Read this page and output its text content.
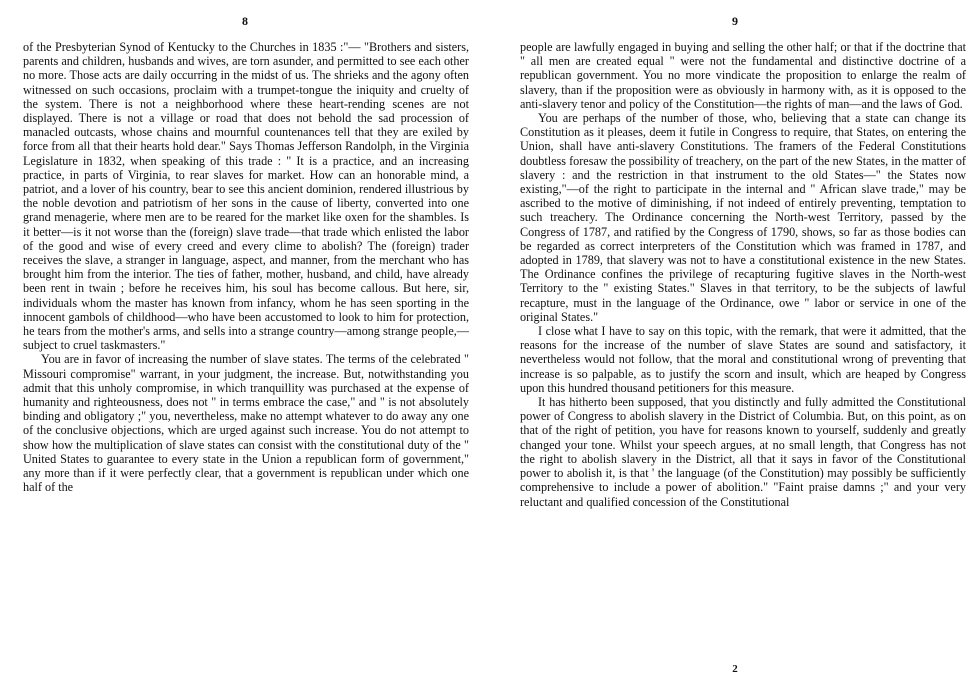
8

of the Presbyterian Synod of Kentucky to the Churches in 1835 :"— "Brothers and sisters, parents and children, husbands and wives, are torn asunder, and permitted to see each other no more. Those acts are daily occurring in the midst of us. The shrieks and the agony often witnessed on such occasions, proclaim with a trumpet-tongue the iniquity and cruelty of the system. There is not a neighborhood where these heart-rending scenes are not displayed. There is not a village or road that does not behold the sad procession of manacled outcasts, whose chains and mournful countenances tell that they are exiled by force from all that their hearts hold dear." Says Thomas Jefferson Randolph, in the Virginia Legislature in 1832, when speaking of this trade : " It is a practice, and an increasing practice, in parts of Virginia, to rear slaves for market. How can an honorable mind, a patriot, and a lover of his country, bear to see this ancient dominion, rendered illustrious by the noble devotion and patriotism of her sons in the cause of liberty, converted into one grand menagerie, where men are to be reared for the market like oxen for the shambles. Is it better—is it not worse than the (foreign) slave trade—that trade which enlisted the labor of the good and wise of every creed and every clime to abolish? The (foreign) trader receives the slave, a stranger in language, aspect, and manner, from the merchant who has brought him from the interior. The ties of father, mother, husband, and child, have already been rent in twain ; before he receives him, his soul has become callous. But here, sir, individuals whom the master has known from infancy, whom he has seen sporting in the innocent gambols of childhood—who have been accustomed to look to him for protection, he tears from the mother's arms, and sells into a strange country—among strange people,—subject to cruel taskmasters."

You are in favor of increasing the number of slave states. The terms of the celebrated " Missouri compromise" warrant, in your judgment, the increase. But, notwithstanding you admit that this unholy compromise, in which tranquillity was purchased at the expense of humanity and righteousness, does not " in terms embrace the case," and " is not absolutely binding and obligatory ;" you, nevertheless, make no attempt whatever to do away any one of the conclusive objections, which are urged against such increase. You do not attempt to show how the multiplication of slave states can consist with the constitutional duty of the " United States to guarantee to every state in the Union a republican form of government," any more than if it were perfectly clear, that a government is republican under which one half of the

9

people are lawfully engaged in buying and selling the other half; or that if the doctrine that " all men are created equal " were not the fundamental and distinctive doctrine of a republican government. You no more vindicate the proposition to enlarge the realm of slavery, than if the proposition were as obviously in harmony with, as it is opposed to the anti-slavery tenor and policy of the Constitution—the rights of man—and the laws of God.

You are perhaps of the number of those, who, believing that a state can change its Constitution as it pleases, deem it futile in Congress to require, that States, on entering the Union, shall have anti-slavery Constitutions. The framers of the Federal Constitutions doubtless foresaw the possibility of treachery, on the part of the new States, in the matter of slavery : and the restriction in that instrument to the old States—" the States now existing,"—of the right to participate in the internal and " African slave trade," may be ascribed to the motive of diminishing, if not indeed of entirely preventing, temptation to such treachery. The Ordinance concerning the North-west Territory, passed by the Congress of 1787, and ratified by the Congress of 1790, shows, so far as those bodies can be regarded as correct interpreters of the Constitution which was framed in 1787, and adopted in 1789, that slavery was not to have a constitutional existence in the new States. The Ordinance confines the privilege of recapturing fugitive slaves in the North-west Territory to the " existing States." Slaves in that territory, to be the subjects of lawful recapture, must in the language of the Ordinance, owe " labor or service in one of the original States."

I close what I have to say on this topic, with the remark, that were it admitted, that the reasons for the increase of the number of slave States are sound and satisfactory, it nevertheless would not follow, that the moral and constitutional wrong of preventing that increase is so palpable, as to justify the scorn and insult, which are heaped by Congress upon this hundred thousand petitioners for this measure.

It has hitherto been supposed, that you distinctly and fully admitted the Constitutional power of Congress to abolish slavery in the District of Columbia. But, on this point, as on that of the right of petition, you have for reasons known to yourself, suddenly and greatly changed your tone. Whilst your speech argues, at no small length, that Congress has not the right to abolish slavery in the District, all that it says in favor of the Constitutional power to abolish it, is that ' the language (of the Constitution) may possibly be sufficiently comprehensive to include a power of abolition." "Faint praise damns ;" and your very reluctant and qualified concession of the Constitutional

2
